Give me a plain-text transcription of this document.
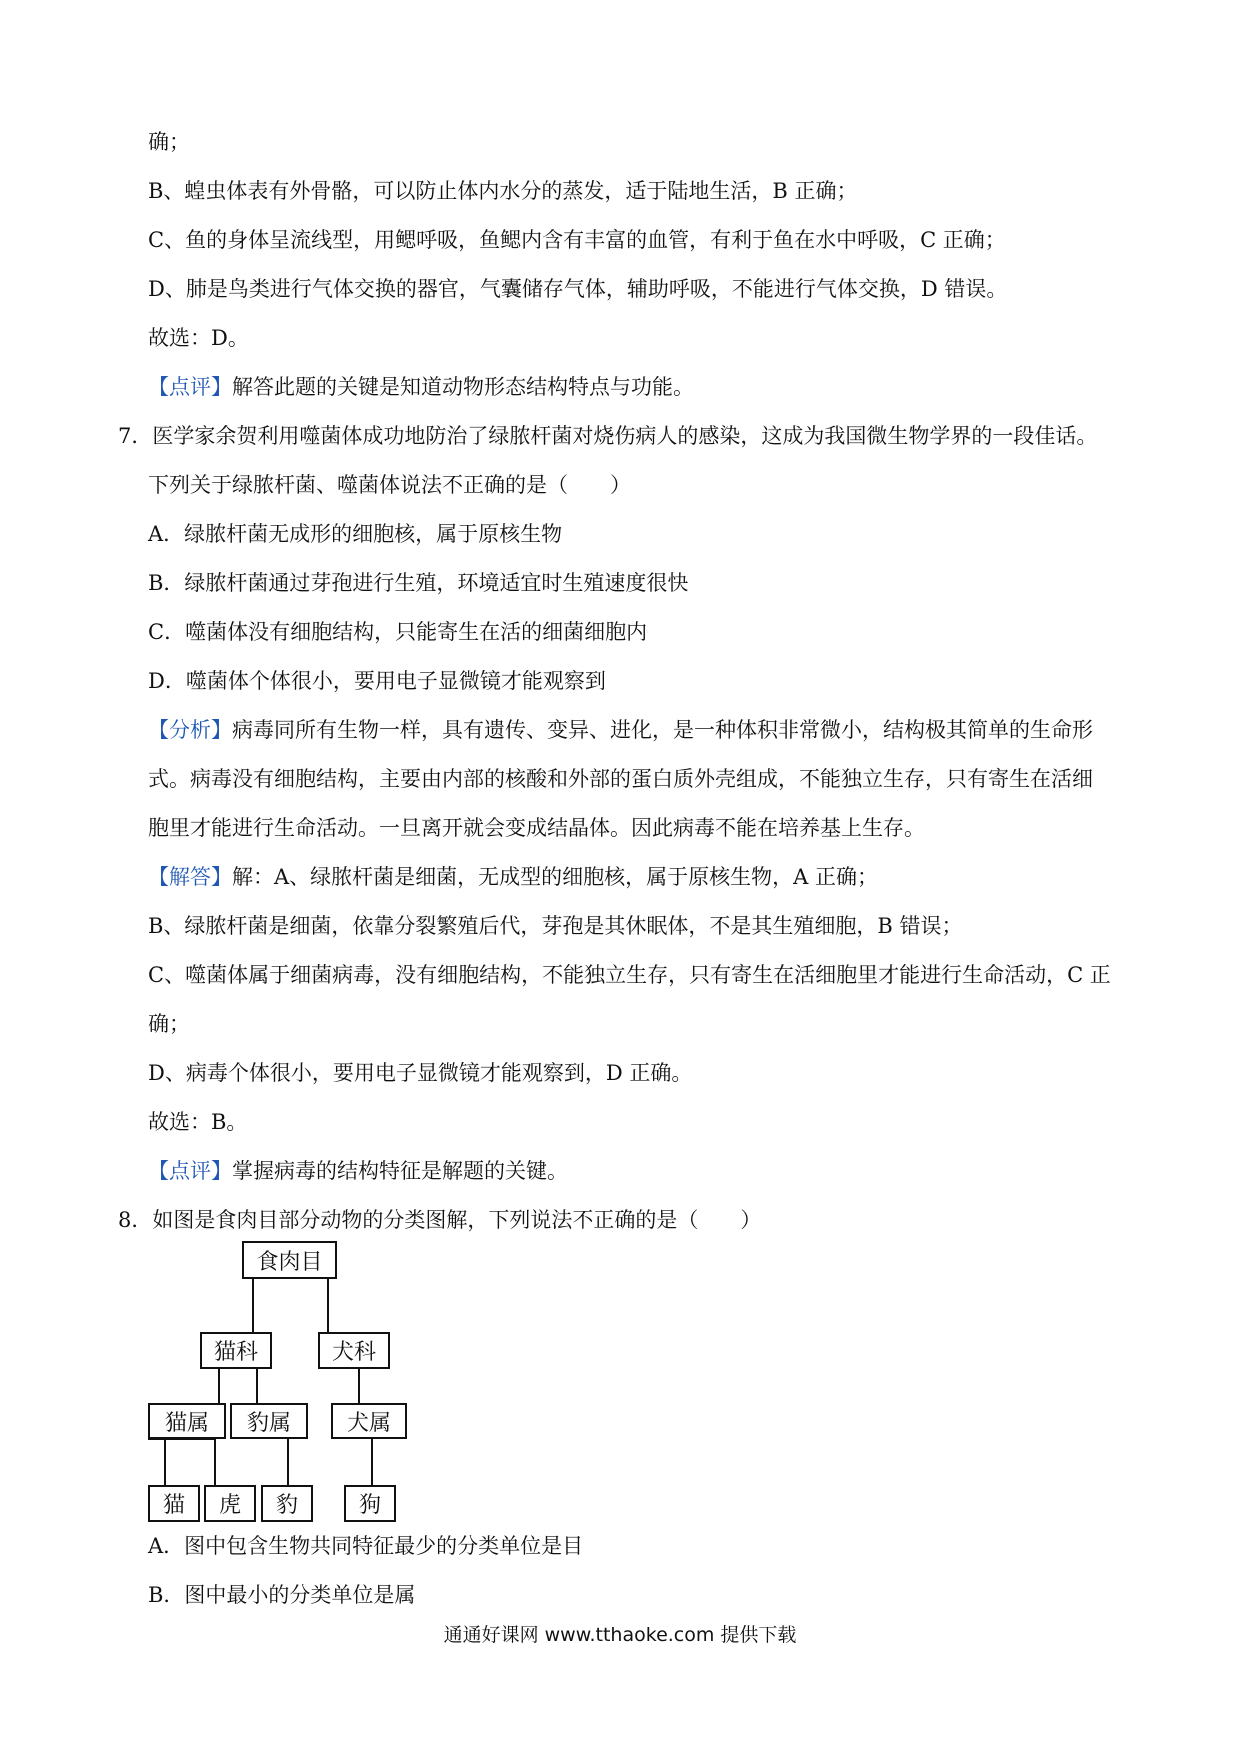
确；
B、蝗虫体表有外骨骼，可以防止体内水分的蒸发，适于陆地生活，B 正确；
C、鱼的身体呈流线型，用鳃呼吸，鱼鳃内含有丰富的血管，有利于鱼在水中呼吸，C 正确；
D、肺是鸟类进行气体交换的器官，气囊储存气体，辅助呼吸，不能进行气体交换，D 错误。
故选：D。
【点评】解答此题的关键是知道动物形态结构特点与功能。
7．医学家余贺利用噬菌体成功地防治了绿脓杆菌对烧伤病人的感染，这成为我国微生物学界的一段佳话。
下列关于绿脓杆菌、噬菌体说法不正确的是（　　）
A．绿脓杆菌无成形的细胞核，属于原核生物
B．绿脓杆菌通过芽孢进行生殖，环境适宜时生殖速度很快
C．噬菌体没有细胞结构，只能寄生在活的细菌细胞内
D．噬菌体个体很小，要用电子显微镜才能观察到
【分析】病毒同所有生物一样，具有遗传、变异、进化，是一种体积非常微小，结构极其简单的生命形
式。病毒没有细胞结构，主要由内部的核酸和外部的蛋白质外壳组成，不能独立生存，只有寄生在活细
胞里才能进行生命活动。一旦离开就会变成结晶体。因此病毒不能在培养基上生存。
【解答】解：A、绿脓杆菌是细菌，无成型的细胞核，属于原核生物，A 正确；
B、绿脓杆菌是细菌，依靠分裂繁殖后代，芽孢是其休眠体，不是其生殖细胞，B 错误；
C、噬菌体属于细菌病毒，没有细胞结构，不能独立生存，只有寄生在活细胞里才能进行生命活动，C 正
确；
D、病毒个体很小，要用电子显微镜才能观察到，D 正确。
故选：B。
【点评】掌握病毒的结构特征是解题的关键。
8．如图是食肉目部分动物的分类图解，下列说法不正确的是（　　）
食肉目
猫科	犬科
猫属	豹属	犬属
猫	虎	豹	狗
A．图中包含生物共同特征最少的分类单位是目
B．图中最小的分类单位是属
通通好课网 www.tthaoke.com 提供下载
